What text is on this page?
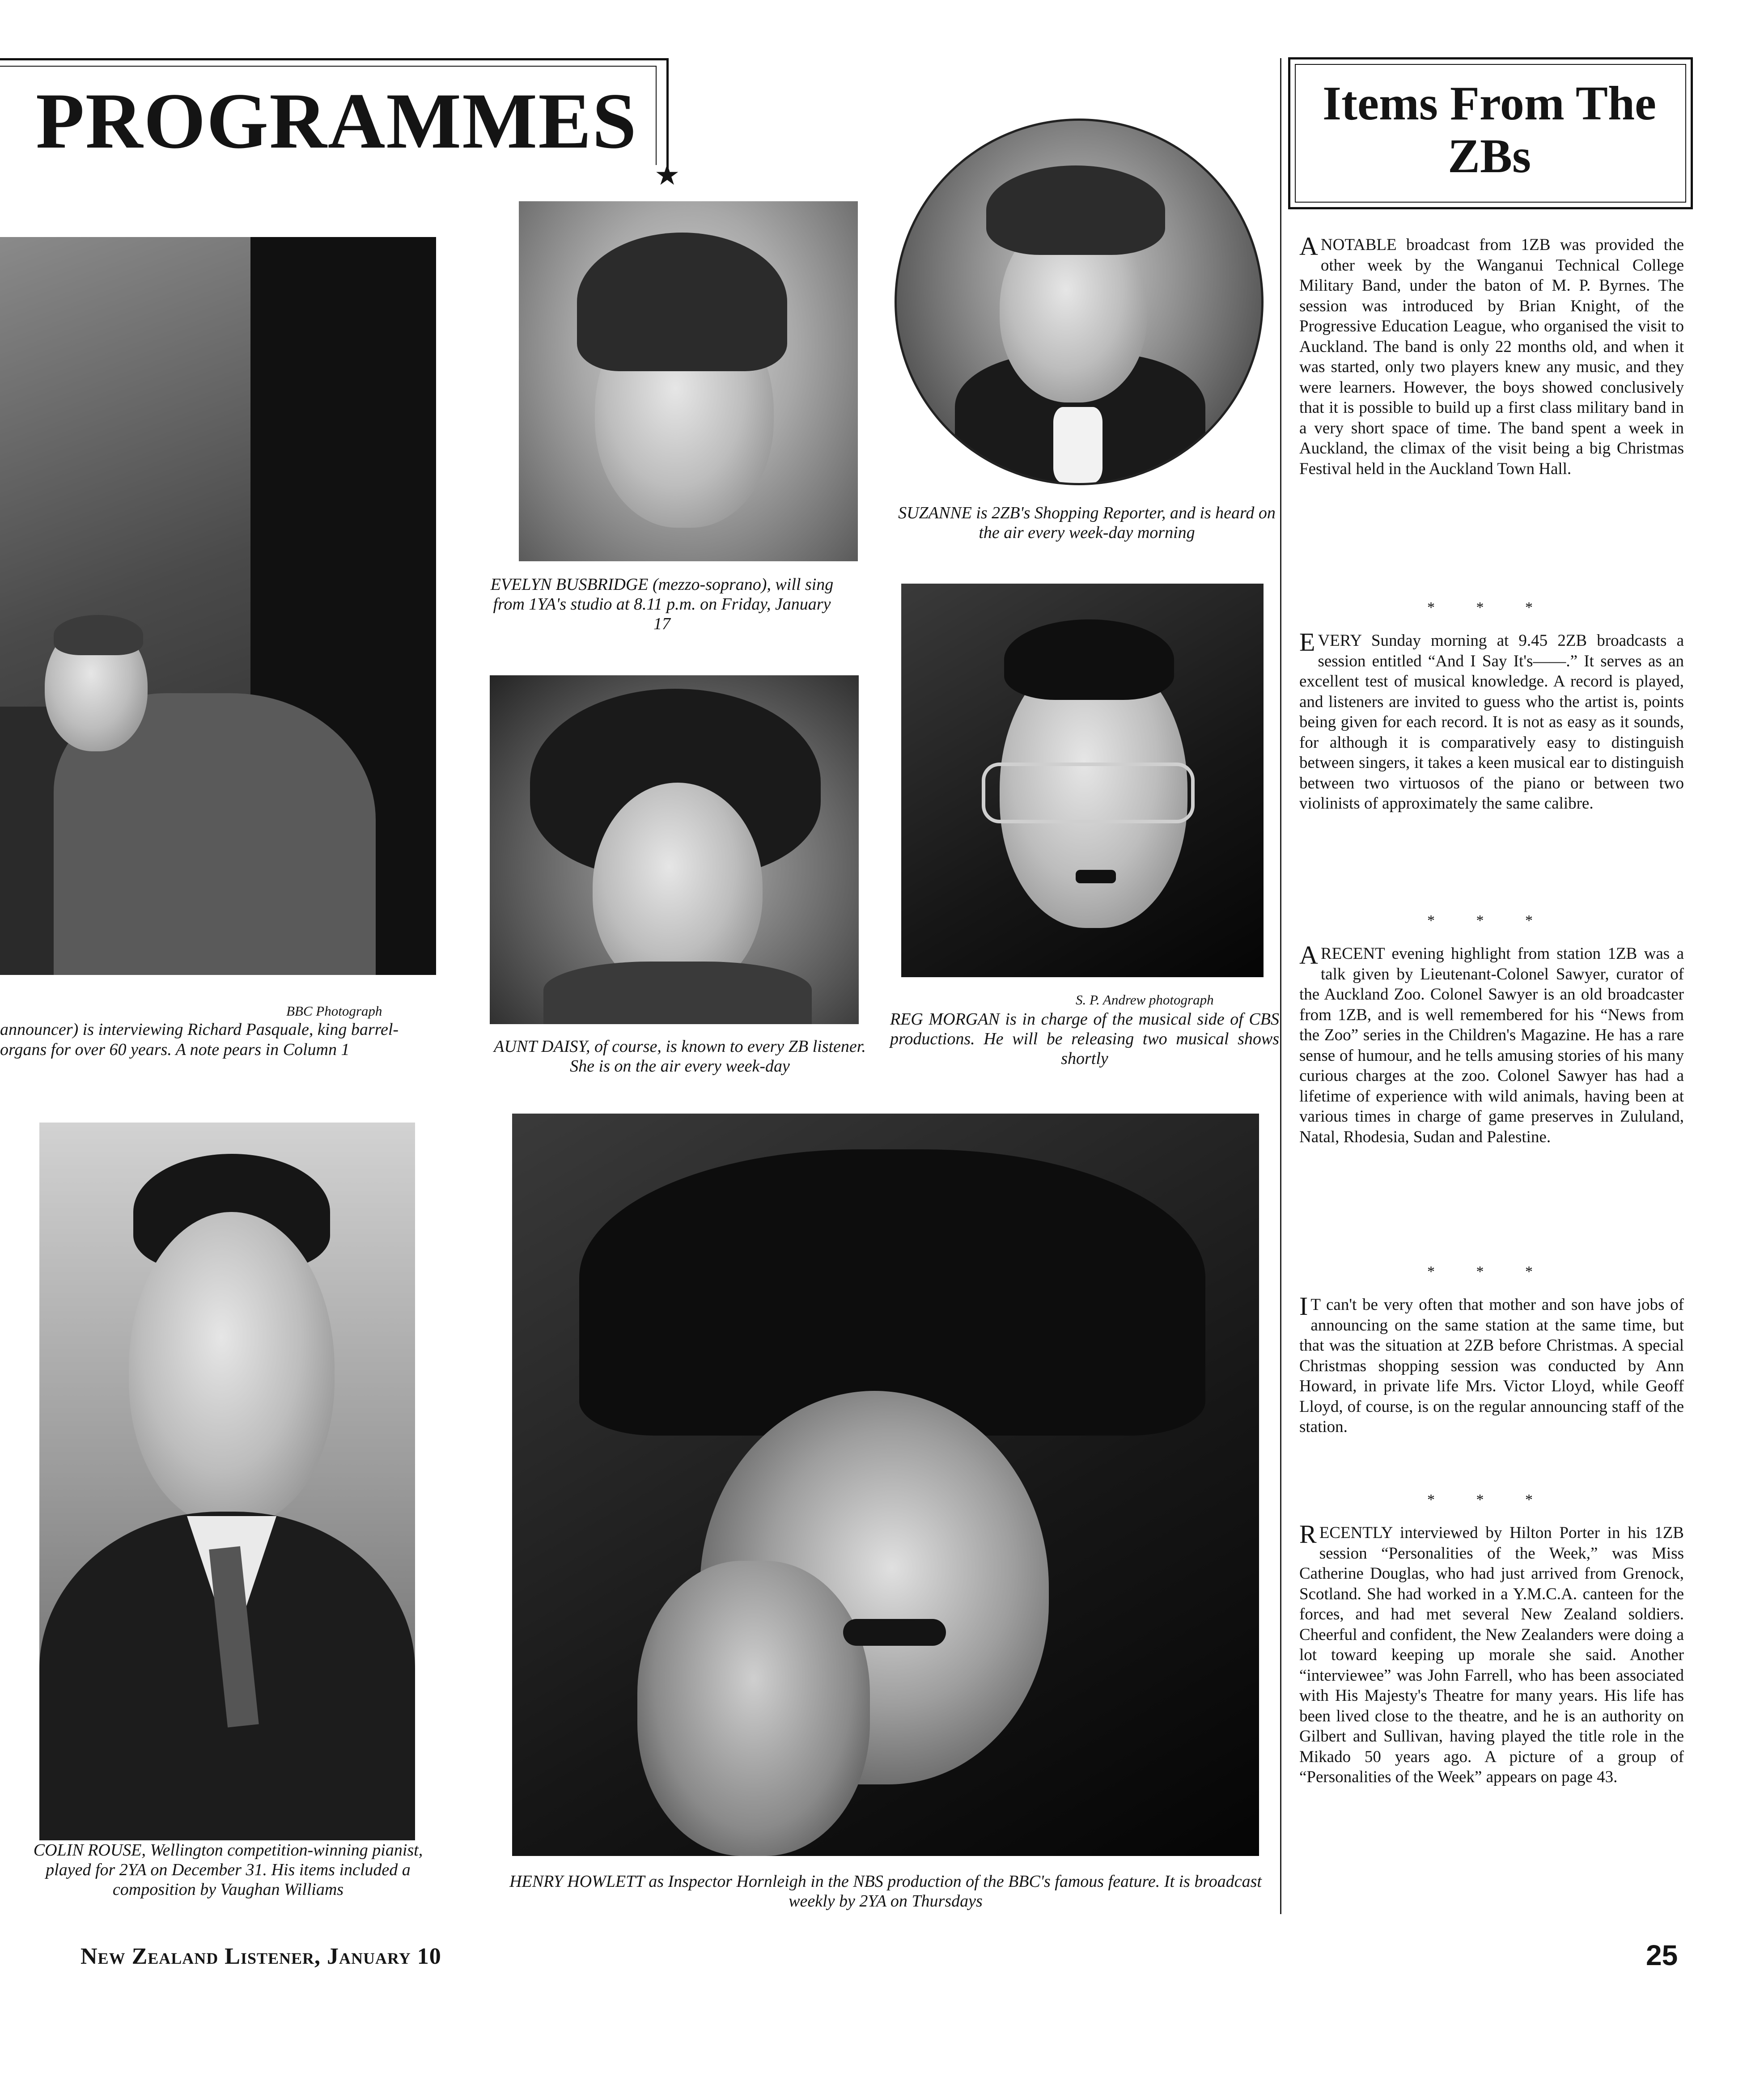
PROGRAMMES
★
BBC Photograph
announcer) is interviewing Richard Pasquale, king barrel-organs for over 60 years. A note pears in Column 1
EVELYN BUSBRIDGE (mezzo-soprano), will sing from 1YA's studio at 8.11 p.m. on Friday, January 17
SUZANNE is 2ZB's Shopping Reporter, and is heard on the air every week-day morning
AUNT DAISY, of course, is known to every ZB listener. She is on the air every week-day
S. P. Andrew photograph
REG MORGAN is in charge of the musical side of CBS productions. He will be releasing two musical shows shortly
COLIN ROUSE, Wellington competition-winning pianist, played for 2YA on December 31. His items included a composition by Vaughan Williams	HENRY HOWLETT as Inspector Hornleigh in the NBS production of the BBC's famous feature. It is broadcast weekly by 2YA on Thursdays
Items From The ZBs
A NOTABLE broadcast from 1ZB was provided the other week by the Wanganui Technical College Military Band, under the baton of M. P. Byrnes. The session was introduced by Brian Knight, of the Progressive Education League, who organised the visit to Auckland. The band is only 22 months old, and when it was started, only two players knew any music, and they were learners. However, the boys showed conclusively that it is possible to build up a first class military band in a very short space of time. The band spent a week in Auckland, the climax of the visit being a big Christmas Festival held in the Auckland Town Hall.
* * *
EVERY Sunday morning at 9.45 2ZB broadcasts a session entitled “And I Say It's——.” It serves as an excellent test of musical knowledge. A record is played, and listeners are invited to guess who the artist is, points being given for each record. It is not as easy as it sounds, for although it is comparatively easy to distinguish between singers, it takes a keen musical ear to distinguish between two virtuosos of the piano or between two violinists of approximately the same calibre.
* * *
A RECENT evening highlight from station 1ZB was a talk given by Lieutenant-Colonel Sawyer, curator of the Auckland Zoo. Colonel Sawyer is an old broadcaster from 1ZB, and is well remembered for his “News from the Zoo” series in the Children's Magazine. He has a rare sense of humour, and he tells amusing stories of his many curious charges at the zoo. Colonel Sawyer has had a lifetime of experience with wild animals, having been at various times in charge of game preserves in Zululand, Natal, Rhodesia, Sudan and Palestine.
* * *
I T can't be very often that mother and son have jobs of announcing on the same station at the same time, but that was the situation at 2ZB before Christmas. A special Christmas shopping session was conducted by Ann Howard, in private life Mrs. Victor Lloyd, while Geoff Lloyd, of course, is on the regular announcing staff of the station.
* * *
RECENTLY interviewed by Hilton Porter in his 1ZB session “Personalities of the Week,” was Miss Catherine Douglas, who had just arrived from Grenock, Scotland. She had worked in a Y.M.C.A. canteen for the forces, and had met several New Zealand soldiers. Cheerful and confident, the New Zealanders were doing a lot toward keeping up morale she said. Another “interviewee” was John Farrell, who has been associated with His Majesty's Theatre for many years. His life has been lived close to the theatre, and he is an authority on Gilbert and Sullivan, having played the title role in the Mikado 50 years ago. A picture of a group of “Personalities of the Week” appears on page 43.
New Zealand Listener, January 10	25
